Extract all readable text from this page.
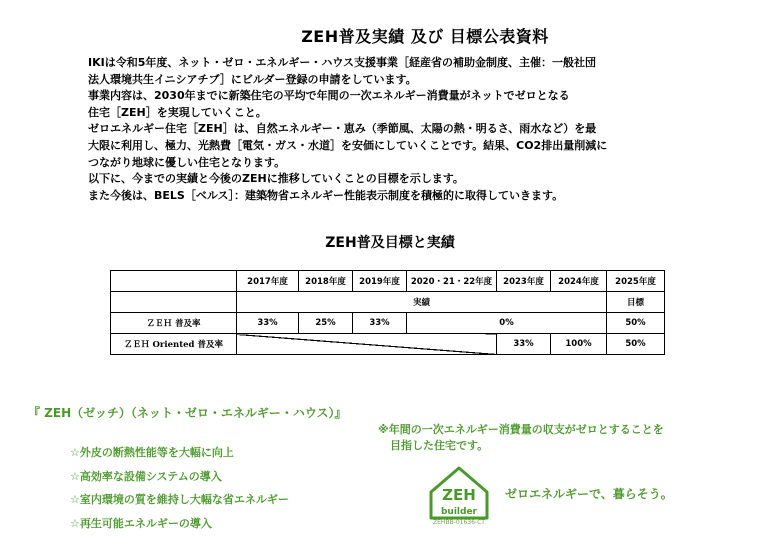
ZEH普及実績 及び 目標公表資料

IKIは令和5年度、ネット・ゼロ・エネルギー・ハウス支援事業［経産省の補助金制度、主催：一般社団

法人環境共生イニシアチブ］にビルダー登録の申請をしています。

事業内容は、2030年までに新築住宅の平均で年間の一次エネルギー消費量がネットでゼロとなる

住宅［ZEH］を実現していくこと。

ゼロエネルギー住宅［ZEH］は、自然エネルギー・恵み（季節風、太陽の熱・明るさ、雨水など）を最

大限に利用し、極力、光熱費［電気・ガス・水道］を安価にしていくことです。結果、CO2排出量削減に

つながり地球に優しい住宅となります。

以下に、今までの実績と今後のZEHに推移していくことの目標を示します。

また今後は、BELS［ベルス］：建築物省エネルギー性能表示制度を積極的に取得していきます。

ZEH普及目標と実績
	2017年度	2018年度	2019年度	2020・21・22年度	2023年度	2024年度	2025年度
	実績						目標
ＺＥＨ 普及率	33%	25%	33%	0%			50%
ＺＥＨ Oriented 普及率					33%	100%	50%
『 ZEH（ゼッチ）（ネット・ゼロ・エネルギー・ハウス）』
☆外皮の断熱性能等を大幅に向上
☆高効率な設備システムの導入
☆室内環境の質を維持し大幅な省エネルギー
☆再生可能エネルギーの導入
※年間の一次エネルギー消費量の収支がゼロとすることを
目指した住宅です。
ZEH
builder
ZEHBB-01636-CT
ゼロエネルギーで、暮らそう。
